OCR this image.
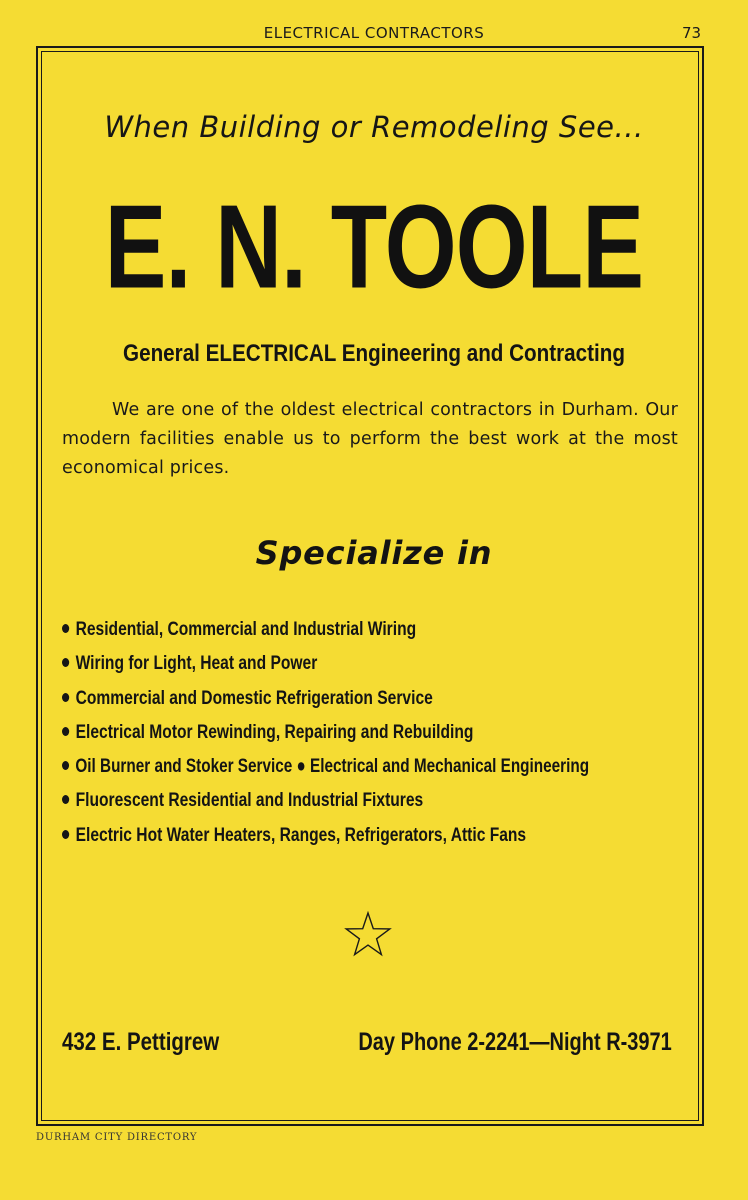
ELECTRICAL CONTRACTORS	73
When Building or Remodeling See...
E. N. TOOLE
General ELECTRICAL Engineering and Contracting

We are one of the oldest electrical contractors in Durham. Our modern facilities enable us to perform the best work at the most economical prices.

Specialize in
Residential, Commercial and Industrial Wiring
Wiring for Light, Heat and Power
Commercial and Domestic Refrigeration Service
Electrical Motor Rewinding, Repairing and Rebuilding
Oil Burner and Stoker Service ● Electrical and Mechanical Engineering
Fluorescent Residential and Industrial Fixtures
Electric Hot Water Heaters, Ranges, Refrigerators, Attic Fans
432 E. Pettigrew	Day Phone 2-2241—Night R-3971
DURHAM CITY DIRECTORY
